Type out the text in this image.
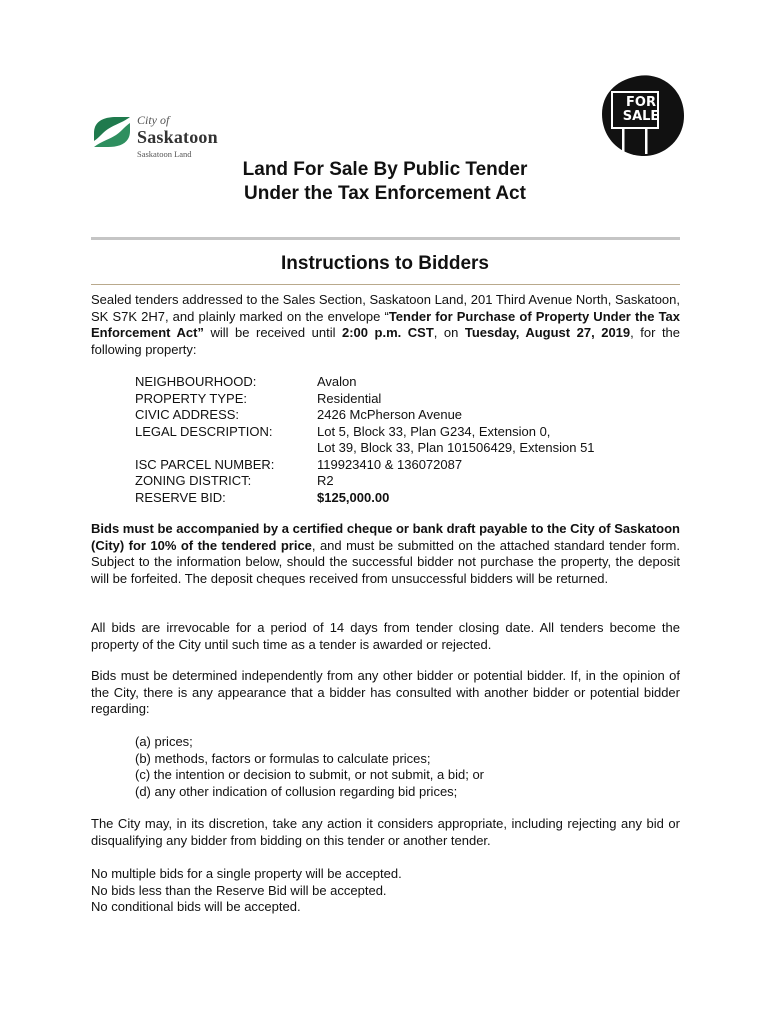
City of
Saskatoon
Saskatoon Land
FOR
SALE
Land For Sale By Public Tender
Under the Tax Enforcement Act
Instructions to Bidders
Sealed tenders addressed to the Sales Section, Saskatoon Land, 201 Third Avenue North, Saskatoon, SK S7K 2H7, and plainly marked on the envelope “Tender for Purchase of Property Under the Tax Enforcement Act” will be received until 2:00 p.m. CST, on Tuesday, August 27, 2019, for the following property:
NEIGHBOURHOOD:	Avalon
PROPERTY TYPE:	Residential
CIVIC ADDRESS:	2426 McPherson Avenue
LEGAL DESCRIPTION:	Lot 5, Block 33, Plan G234, Extension 0,
Lot 39, Block 33, Plan 101506429, Extension 51
ISC PARCEL NUMBER:	119923410 & 136072087
ZONING DISTRICT:	R2
RESERVE BID:	$125,000.00
Bids must be accompanied by a certified cheque or bank draft payable to the City of Saskatoon (City) for 10% of the tendered price, and must be submitted on the attached standard tender form. Subject to the information below, should the successful bidder not purchase the property, the deposit will be forfeited. The deposit cheques received from unsuccessful bidders will be returned.
All bids are irrevocable for a period of 14 days from tender closing date. All tenders become the property of the City until such time as a tender is awarded or rejected.
Bids must be determined independently from any other bidder or potential bidder. If, in the opinion of the City, there is any appearance that a bidder has consulted with another bidder or potential bidder regarding:
(a) prices;
(b) methods, factors or formulas to calculate prices;
(c) the intention or decision to submit, or not submit, a bid; or
(d) any other indication of collusion regarding bid prices;
The City may, in its discretion, take any action it considers appropriate, including rejecting any bid or disqualifying any bidder from bidding on this tender or another tender.
No multiple bids for a single property will be accepted.
No bids less than the Reserve Bid will be accepted.
No conditional bids will be accepted.
